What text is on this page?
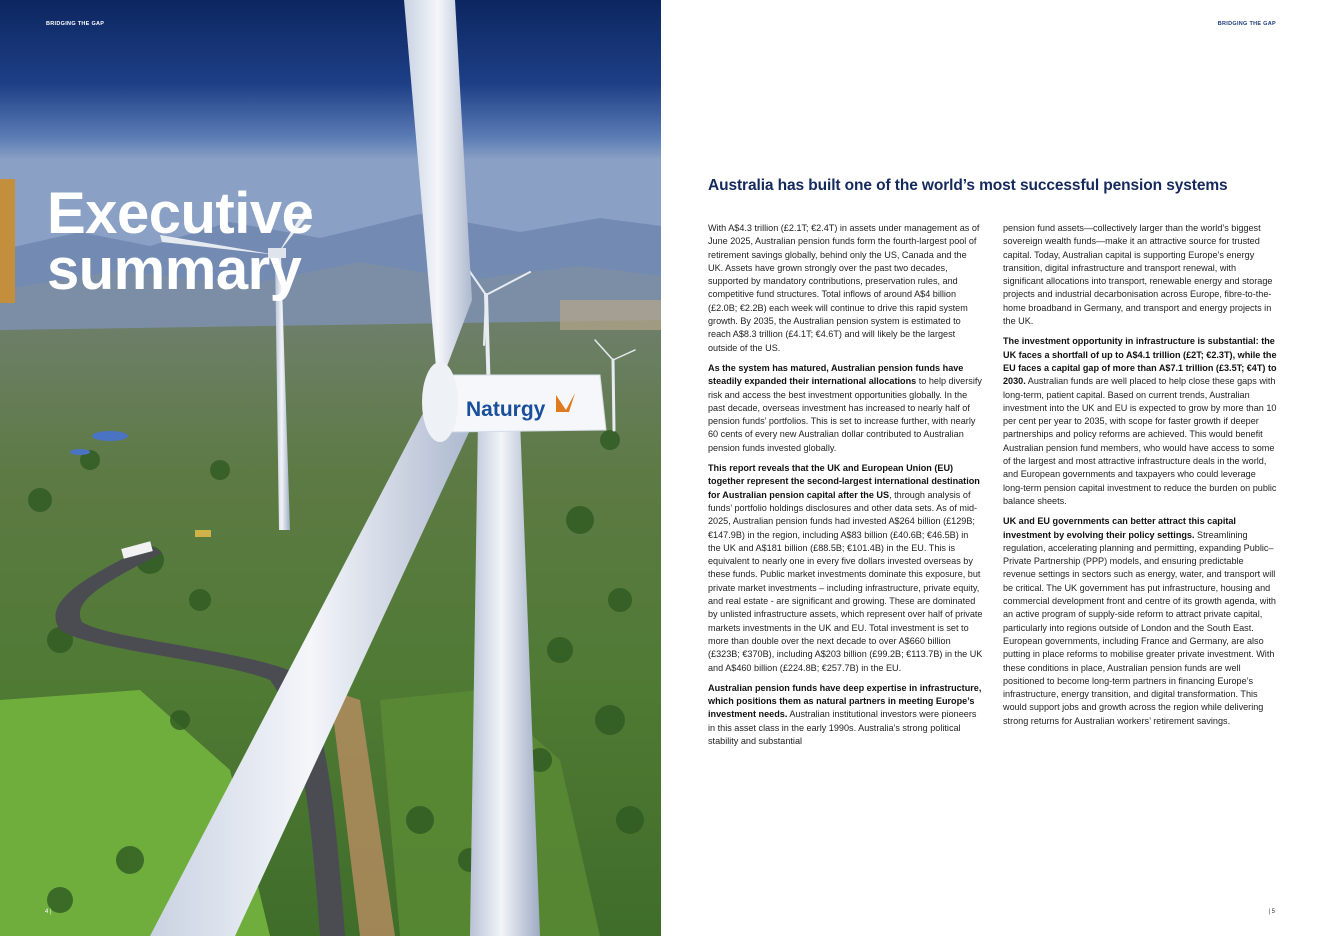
Naturgy
BRIDGING THE GAP
Executive
summary
4 |
BRIDGING THE GAP
Australia has built one of the world’s most successful pension systems

With A$4.3 trillion (£2.1T; €2.4T) in assets under management as of June 2025, Australian pension funds form the fourth-largest pool of retirement savings globally, behind only the US, Canada and the UK. Assets have grown strongly over the past two decades, supported by mandatory contributions, preservation rules, and competitive fund structures. Total inflows of around A$4 billion (£2.0B; €2.2B) each week will continue to drive this rapid system growth. By 2035, the Australian pension system is estimated to reach A$8.3 trillion (£4.1T; €4.6T) and will likely be the largest outside of the US.

As the system has matured, Australian pension funds have steadily expanded their international allocations to help diversify risk and access the best investment opportunities globally. In the past decade, overseas investment has increased to nearly half of pension funds’ portfolios. This is set to increase further, with nearly 60 cents of every new Australian dollar contributed to Australian pension funds invested globally.

This report reveals that the UK and European Union (EU) together represent the second-largest international destination for Australian pension capital after the US, through analysis of funds’ portfolio holdings disclosures and other data sets. As of mid-2025, Australian pension funds had invested A$264 billion (£129B; €147.9B) in the region, including A$83 billion (£40.6B; €46.5B) in the UK and A$181 billion (£88.5B; €101.4B) in the EU. This is equivalent to nearly one in every five dollars invested overseas by these funds. Public market investments dominate this exposure, but private market investments – including infrastructure, private equity, and real estate - are significant and growing. These are dominated by unlisted infrastructure assets, which represent over half of private markets investments in the UK and EU. Total investment is set to more than double over the next decade to over A$660 billion (£323B; €370B), including A$203 billion (£99.2B; €113.7B) in the UK and A$460 billion (£224.8B; €257.7B) in the EU.

Australian pension funds have deep expertise in infrastructure, which positions them as natural partners in meeting Europe’s investment needs. Australian institutional investors were pioneers in this asset class in the early 1990s. Australia’s strong political stability and substantial

pension fund assets—collectively larger than the world’s biggest sovereign wealth funds—make it an attractive source for trusted capital. Today, Australian capital is supporting Europe’s energy transition, digital infrastructure and transport renewal, with significant allocations into transport, renewable energy and storage projects and industrial decarbonisation across Europe, fibre-to-the-home broadband in Germany, and transport and energy projects in the UK.

The investment opportunity in infrastructure is substantial: the UK faces a shortfall of up to A$4.1 trillion (£2T; €2.3T), while the EU faces a capital gap of more than A$7.1 trillion (£3.5T; €4T) to 2030. Australian funds are well placed to help close these gaps with long-term, patient capital. Based on current trends, Australian investment into the UK and EU is expected to grow by more than 10 per cent per year to 2035, with scope for faster growth if deeper partnerships and policy reforms are achieved. This would benefit Australian pension fund members, who would have access to some of the largest and most attractive infrastructure deals in the world, and European governments and taxpayers who could leverage long-term pension capital investment to reduce the burden on public balance sheets.

UK and EU governments can better attract this capital investment by evolving their policy settings. Streamlining regulation, accelerating planning and permitting, expanding Public–Private Partnership (PPP) models, and ensuring predictable revenue settings in sectors such as energy, water, and transport will be critical. The UK government has put infrastructure, housing and commercial development front and centre of its growth agenda, with an active program of supply-side reform to attract private capital, particularly into regions outside of London and the South East. European governments, including France and Germany, are also putting in place reforms to mobilise greater private investment. With these conditions in place, Australian pension funds are well positioned to become long-term partners in financing Europe’s infrastructure, energy transition, and digital transformation. This would support jobs and growth across the region while delivering strong returns for Australian workers’ retirement savings.

| 5
